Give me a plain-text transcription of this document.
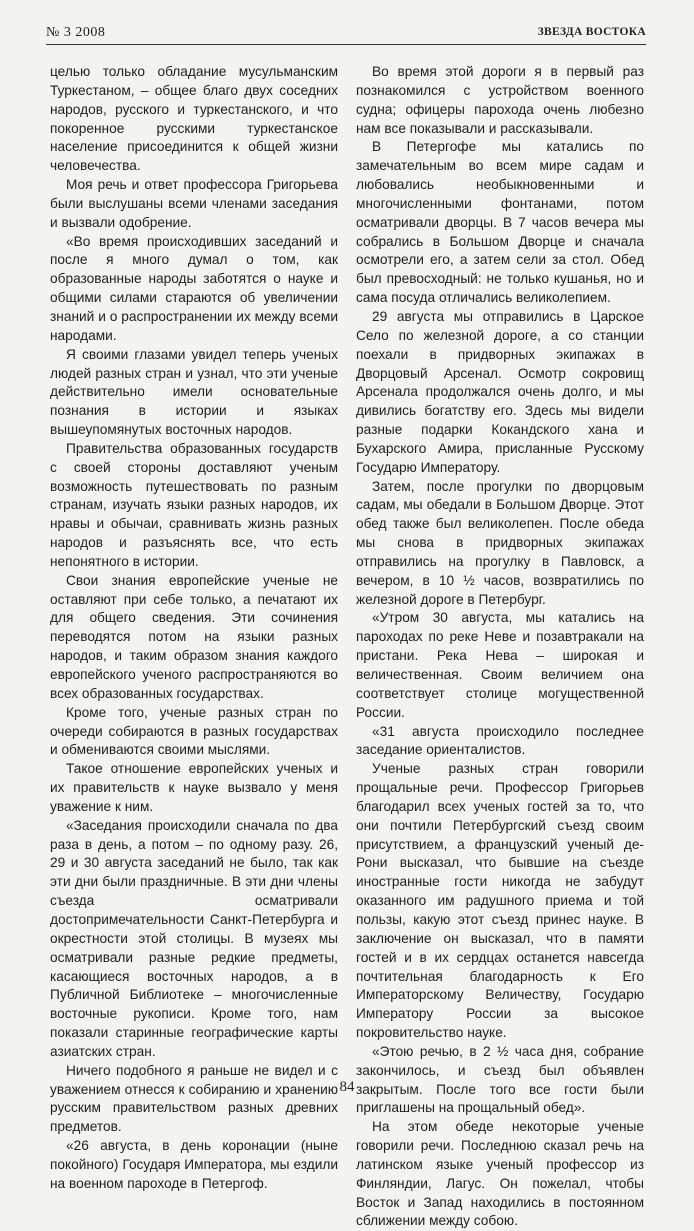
№ 3 2008	ЗВЕЗДА ВОСТОКА

целью только обладание мусульманским Туркестаном, – общее благо двух соседних народов, русского и туркестанского, и что покоренное русскими туркестанское население присоединится к общей жизни человечества.

Моя речь и ответ профессора Григорьева были выслушаны всеми членами заседания и вызвали одобрение.

«Во время происходивших заседаний и после я много думал о том, как образованные народы заботятся о науке и общими силами стараются об увеличении знаний и о распространении их между всеми народами.

Я своими глазами увидел теперь ученых людей разных стран и узнал, что эти ученые действительно имели основательные познания в истории и языках вышеупомянутых восточных народов.

Правительства образованных государств с своей стороны доставляют ученым возможность путешествовать по разным странам, изучать языки разных народов, их нравы и обычаи, сравнивать жизнь разных народов и разъяснять все, что есть непонятного в истории.

Свои знания европейские ученые не оставляют при себе только, а печатают их для общего сведения. Эти сочинения переводятся потом на языки разных народов, и таким образом знания каждого европейского ученого распространяются во всех образованных государствах.

Кроме того, ученые разных стран по очереди собираются в разных государствах и обмениваются своими мыслями.

Такое отношение европейских ученых и их правительств к науке вызвало у меня уважение к ним.

«Заседания происходили сначала по два раза в день, а потом – по одному разу. 26, 29 и 30 августа заседаний не было, так как эти дни были праздничные. В эти дни члены съезда осматривали достопримечательности Санкт-Петербурга и окрестности этой столицы. В музеях мы осматривали разные редкие предметы, касающиеся восточных народов, а в Публичной Библиотеке – многочисленные восточные рукописи. Кроме того, нам показали старинные географические карты азиатских стран.

Ничего подобного я раньше не видел и с уважением отнесся к собиранию и хранению русским правительством разных древних предметов.

«26 августа, в день коронации (ныне покойного) Государя Императора, мы ездили на военном пароходе в Петергоф.

Во время этой дороги я в первый раз познакомился с устройством военного судна; офицеры парохода очень любезно нам все показывали и рассказывали.

В Петергофе мы катались по замечательным во всем мире садам и любовались необыкновенными и многочисленными фонтанами, потом осматривали дворцы. В 7 часов вечера мы собрались в Большом Дворце и сначала осмотрели его, а затем сели за стол. Обед был превосходный: не только кушанья, но и сама посуда отличались великолепием.

29 августа мы отправились в Царское Село по железной дороге, а со станции поехали в придворных экипажах в Дворцовый Арсенал. Осмотр сокровищ Арсенала продолжался очень долго, и мы дивились богатству его. Здесь мы видели разные подарки Кокандского хана и Бухарского Амира, присланные Русскому Государю Императору.

Затем, после прогулки по дворцовым садам, мы обедали в Большом Дворце. Этот обед также был великолепен. После обеда мы снова в придворных экипажах отправились на прогулку в Павловск, а вечером, в 10 ½ часов, возвратились по железной дороге в Петербург.

«Утром 30 августа, мы катались на пароходах по реке Неве и позавтракали на пристани. Река Нева – широкая и величественная. Своим величием она соответствует столице могущественной России.

«31 августа происходило последнее заседание ориенталистов.

Ученые разных стран говорили прощальные речи. Профессор Григорьев благодарил всех ученых гостей за то, что они почтили Петербургский съезд своим присутствием, а французский ученый де-Рони высказал, что бывшие на съезде иностранные гости никогда не забудут оказанного им радушного приема и той пользы, какую этот съезд принес науке. В заключение он высказал, что в памяти гостей и в их сердцах останется навсегда почтительная благодарность к Его Императорскому Величеству, Государю Императору России за высокое покровительство науке.

«Этою речью, в 2 ½ часа дня, собрание закончилось, и съезд был объявлен закрытым. После того все гости были приглашены на прощальный обед».

На этом обеде некоторые ученые говорили речи. Последнюю сказал речь на латинском языке ученый профессор из Финляндии, Лагус. Он пожелал, чтобы Восток и Запад находились в постоянном сближении между собою.

84
